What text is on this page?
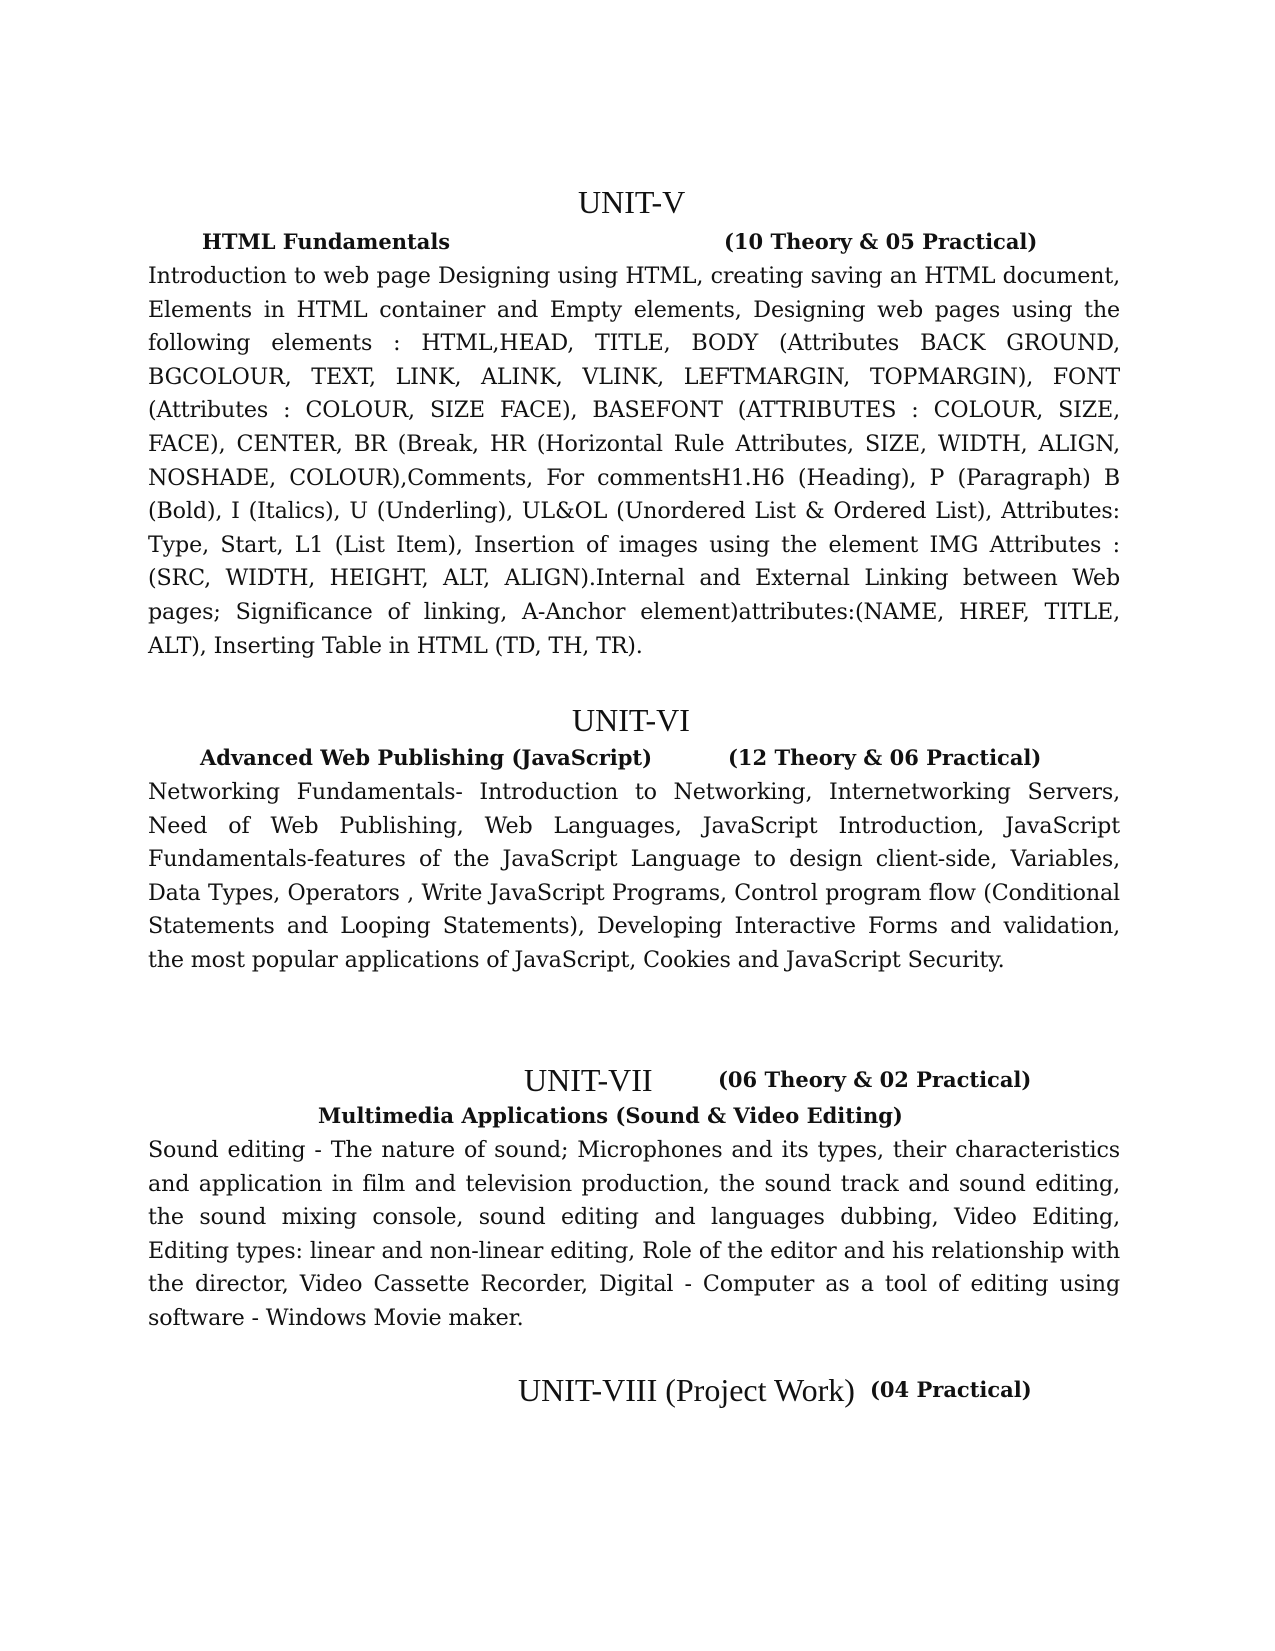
UNIT-V
HTML Fundamentals	(10 Theory & 05 Practical)

Introduction to web page Designing using HTML, creating saving an HTML document, Elements in HTML container and Empty elements, Designing web pages using the following elements : HTML,HEAD, TITLE, BODY (Attributes BACK GROUND, BGCOLOUR, TEXT, LINK, ALINK, VLINK, LEFTMARGIN, TOPMARGIN), FONT (Attributes : COLOUR, SIZE FACE), BASEFONT (ATTRIBUTES : COLOUR, SIZE, FACE), CENTER, BR (Break, HR (Horizontal Rule Attributes, SIZE, WIDTH, ALIGN, NOSHADE, COLOUR),Comments, For commentsH1.H6 (Heading), P (Paragraph) B (Bold), I (Italics), U (Underling), UL&OL (Unordered List & Ordered List), Attributes: Type, Start, L1 (List Item), Insertion of images using the element IMG Attributes :(SRC, WIDTH, HEIGHT, ALT, ALIGN).Internal and External Linking between Web pages; Significance of linking, A-Anchor element)attributes:(NAME, HREF, TITLE, ALT), Inserting Table in HTML (TD, TH, TR).

UNIT-VI
Advanced Web Publishing (JavaScript)	(12 Theory & 06 Practical)

Networking Fundamentals- Introduction to Networking, Internetworking Servers, Need of Web Publishing, Web Languages, JavaScript Introduction, JavaScript Fundamentals-features of the JavaScript Language to design client-side, Variables, Data Types, Operators , Write JavaScript Programs, Control program flow (Conditional Statements and Looping Statements), Developing Interactive Forms and validation, the most popular applications of JavaScript, Cookies and JavaScript Security.

UNIT-VII	(06 Theory & 02 Practical)
Multimedia Applications (Sound & Video Editing)

Sound editing - The nature of sound; Microphones and its types, their characteristics and application in film and television production, the sound track and sound editing, the sound mixing console, sound editing and languages dubbing, Video Editing, Editing types: linear and non-linear editing, Role of the editor and his relationship with the director, Video Cassette Recorder, Digital - Computer as a tool of editing using software - Windows Movie maker.

UNIT-VIII (Project Work) (04 Practical)
